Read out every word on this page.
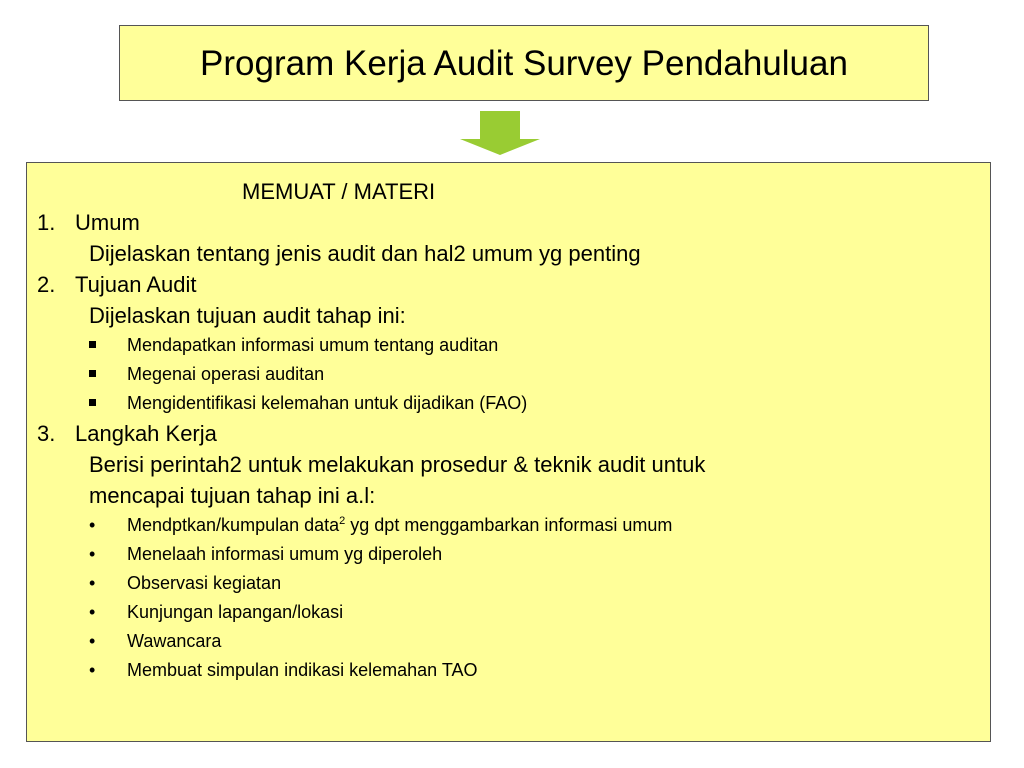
Program Kerja Audit Survey Pendahuluan
MEMUAT / MATERI
1. Umum
Dijelaskan tentang jenis audit dan hal2 umum yg penting
2. Tujuan Audit
Dijelaskan tujuan audit tahap ini:
Mendapatkan informasi umum tentang auditan
Megenai operasi auditan
Mengidentifikasi kelemahan untuk dijadikan (FAO)
3. Langkah Kerja
Berisi perintah2 untuk melakukan prosedur & teknik audit untuk
mencapai tujuan tahap ini a.l:
•	Mendptkan/kumpulan data$^2$ yg dpt menggambarkan informasi umum
•	Menelaah informasi umum yg diperoleh
•	Observasi kegiatan
•	Kunjungan lapangan/lokasi
•	Wawancara
•	Membuat simpulan indikasi kelemahan TAO
